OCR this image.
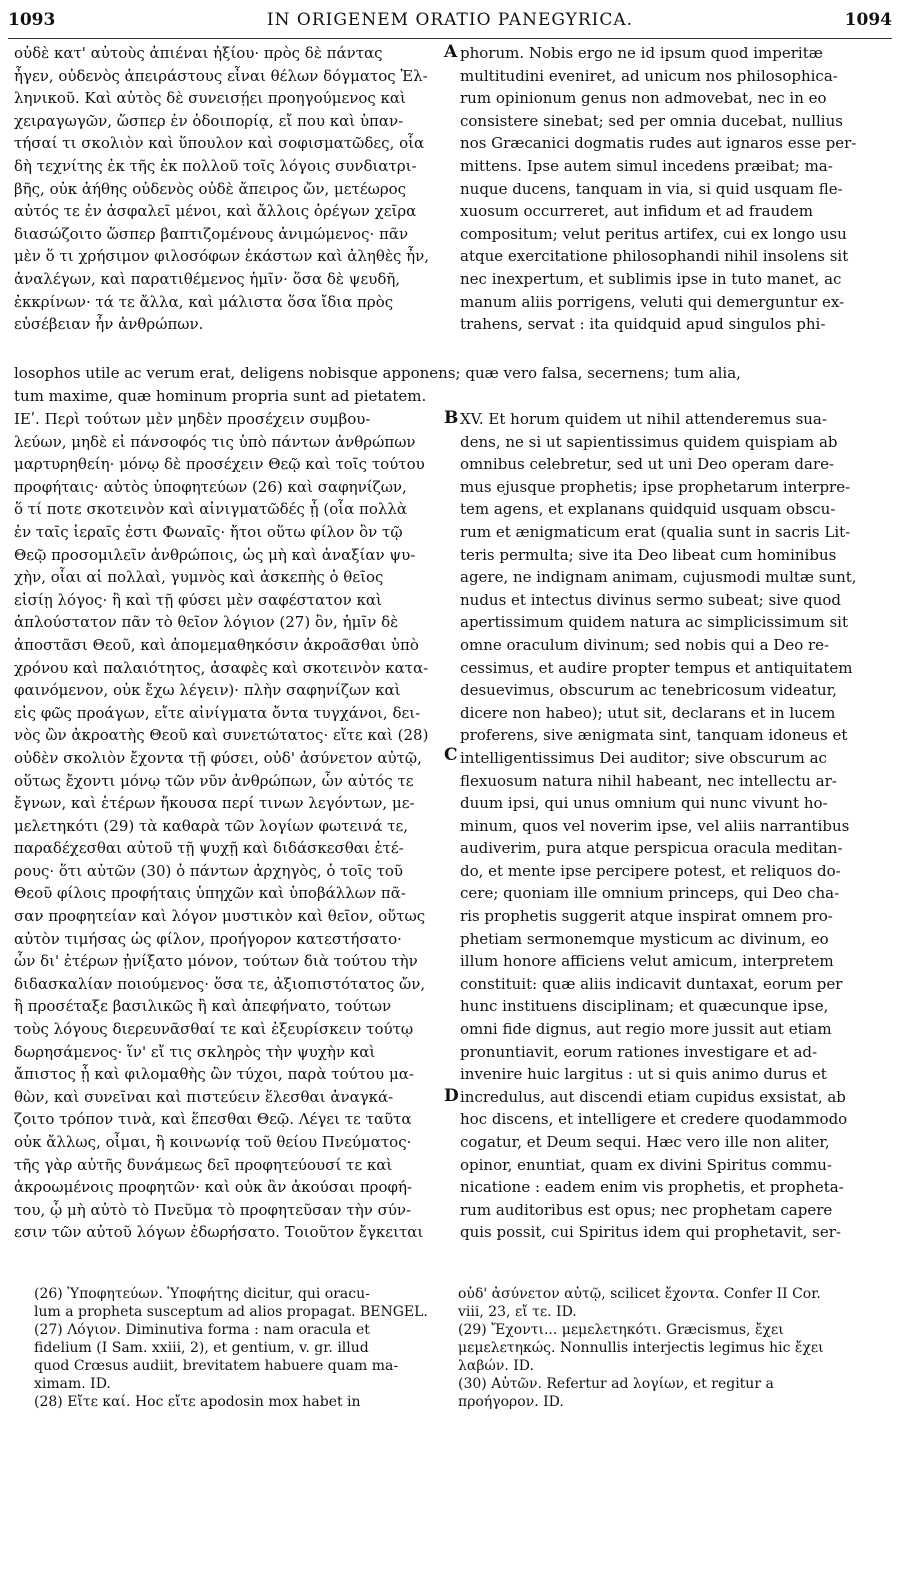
1093	IN ORIGENEM ORATIO PANEGYRICA.	1094
οὐδὲ κατ' αὐτοὺς ἀπιέναι ἠξίου· πρὸς δὲ πάντας
ἦγεν, οὐδενὸς ἀπειράστους εἶναι θέλων δόγματος Ἑλ-
ληνικοῦ. Καὶ αὐτὸς δὲ συνεισῄει προηγούμενος καὶ
χειραγωγῶν, ὥσπερ ἐν ὁδοιπορίᾳ, εἴ που καὶ ὑπαν-
τήσαί τι σκολιὸν καὶ ὕπουλον καὶ σοφισματῶδες, οἷα
δὴ τεχνίτης ἐκ τῆς ἐκ πολλοῦ τοῖς λόγοις συνδιατρι-
βῆς, οὐκ ἀήθης οὐδενὸς οὐδὲ ἄπειρος ὤν, μετέωρος
αὐτός τε ἐν ἀσφαλεῖ μένοι, καὶ ἄλλοις ὀρέγων χεῖρα
διασώζοιτο ὥσπερ βαπτιζομένους ἀνιμώμενος· πᾶν
μὲν ὅ τι χρήσιμον φιλοσόφων ἑκάστων καὶ ἀληθὲς ἦν,
ἀναλέγων, καὶ παρατιθέμενος ἡμῖν· ὅσα δὲ ψευδῆ,
ἐκκρίνων· τά τε ἄλλα, καὶ μάλιστα ὅσα ἴδια πρὸς
εὐσέβειαν ἦν ἀνθρώπων.
phorum. Nobis ergo ne id ipsum quod imperitæ
multitudini eveniret, ad unicum nos philosophica-
rum opinionum genus non admovebat, nec in eo
consistere sinebat; sed per omnia ducebat, nullius
nos Græcanici dogmatis rudes aut ignaros esse per-
mittens. Ipse autem simul incedens præibat; ma-
nuque ducens, tanquam in via, si quid usquam fle-
xuosum occurreret, aut infidum et ad fraudem
compositum; velut peritus artifex, cui ex longo usu
atque exercitatione philosophandi nihil insolens sit
nec inexpertum, et sublimis ipse in tuto manet, ac
manum aliis porrigens, veluti qui demerguntur ex-
trahens, servat : ita quidquid apud singulos phi-
losophos utile ac verum erat, deligens nobisque apponens; quæ vero falsa, secernens; tum alia,
tum maxime, quæ hominum propria sunt ad pietatem.
ΙΕʹ. Περὶ τούτων μὲν μηδὲν προσέχειν συμβου-
λεύων, μηδὲ εἰ πάνσοφός τις ὑπὸ πάντων ἀνθρώπων
μαρτυρηθείη· μόνῳ δὲ προσέχειν Θεῷ καὶ τοῖς τούτου
προφήταις· αὐτὸς ὑποφητεύων (26) καὶ σαφηνίζων,
ὅ τί ποτε σκοτεινὸν καὶ αἰνιγματῶδές ᾖ (οἷα πολλὰ
ἐν ταῖς ἱεραῖς ἐστι Φωναῖς· ἤτοι οὕτω φίλον ὂν τῷ
Θεῷ προσομιλεῖν ἀνθρώποις, ὡς μὴ καὶ ἀναξίαν ψυ-
χὴν, οἷαι αἱ πολλαὶ, γυμνὸς καὶ ἀσκεπὴς ὁ θεῖος
εἰσίῃ λόγος· ἢ καὶ τῇ φύσει μὲν σαφέστατον καὶ
ἁπλούστατον πᾶν τὸ θεῖον λόγιον (27) ὂν, ἡμῖν δὲ
ἀποστᾶσι Θεοῦ, καὶ ἀπομεμαθηκόσιν ἀκροᾶσθαι ὑπὸ
χρόνου καὶ παλαιότητος, ἀσαφὲς καὶ σκοτεινὸν κατα-
φαινόμενον, οὐκ ἔχω λέγειν)· πλὴν σαφηνίζων καὶ
εἰς φῶς προάγων, εἴτε αἰνίγματα ὄντα τυγχάνοι, δει-
νὸς ὢν ἀκροατὴς Θεοῦ καὶ συνετώτατος· εἴτε καὶ (28)
οὐδὲν σκολιὸν ἔχοντα τῇ φύσει, οὐδ' ἀσύνετον αὐτῷ,
οὕτως ἔχοντι μόνῳ τῶν νῦν ἀνθρώπων, ὧν αὐτός τε
ἔγνων, καὶ ἑτέρων ἤκουσα περί τινων λεγόντων, με-
μελετηκότι (29) τὰ καθαρὰ τῶν λογίων φωτεινά τε,
παραδέχεσθαι αὐτοῦ τῇ ψυχῇ καὶ διδάσκεσθαι ἑτέ-
ρους· ὅτι αὐτῶν (30) ὁ πάντων ἀρχηγὸς, ὁ τοῖς τοῦ
Θεοῦ φίλοις προφήταις ὑπηχῶν καὶ ὑποβάλλων πᾶ-
σαν προφητείαν καὶ λόγον μυστικὸν καὶ θεῖον, οὕτως
αὐτὸν τιμήσας ὡς φίλον, προήγορον κατεστήσατο·
ὧν δι' ἑτέρων ᾐνίξατο μόνον, τούτων διὰ τούτου τὴν
διδασκαλίαν ποιούμενος· ὅσα τε, ἀξιοπιστότατος ὤν,
ἢ προσέταξε βασιλικῶς ἢ καὶ ἀπεφήνατο, τούτων
τοὺς λόγους διερευνᾶσθαί τε καὶ ἐξευρίσκειν τούτῳ
δωρησάμενος· ἵν' εἴ τις σκληρὸς τὴν ψυχὴν καὶ
ἄπιστος ᾖ καὶ φιλομαθὴς ὢν τύχοι, παρὰ τούτου μα-
θὼν, καὶ συνεῖναι καὶ πιστεύειν ἕλεσθαι ἀναγκά-
ζοιτο τρόπον τινὰ, καὶ ἕπεσθαι Θεῷ. Λέγει τε ταῦτα
οὐκ ἄλλως, οἶμαι, ἢ κοινωνίᾳ τοῦ θείου Πνεύματος·
τῆς γὰρ αὐτῆς δυνάμεως δεῖ προφητεύουσί τε καὶ
ἀκροωμένοις προφητῶν· καὶ οὐκ ἂν ἀκούσαι προφή-
του, ᾧ μὴ αὐτὸ τὸ Πνεῦμα τὸ προφητεῦσαν τὴν σύν-
εσιν τῶν αὐτοῦ λόγων ἐδωρήσατο. Τοιοῦτον ἔγκειται
XV. Et horum quidem ut nihil attenderemus sua-
dens, ne si ut sapientissimus quidem quispiam ab
omnibus celebretur, sed ut uni Deo operam dare-
mus ejusque prophetis; ipse prophetarum interpre-
tem agens, et explanans quidquid usquam obscu-
rum et ænigmaticum erat (qualia sunt in sacris Lit-
teris permulta; sive ita Deo libeat cum hominibus
agere, ne indignam animam, cujusmodi multæ sunt,
nudus et intectus divinus sermo subeat; sive quod
apertissimum quidem natura ac simplicissimum sit
omne oraculum divinum; sed nobis qui a Deo re-
cessimus, et audire propter tempus et antiquitatem
desuevimus, obscurum ac tenebricosum videatur,
dicere non habeo); utut sit, declarans et in lucem
proferens, sive ænigmata sint, tanquam idoneus et
intelligentissimus Dei auditor; sive obscurum ac
flexuosum natura nihil habeant, nec intellectu ar-
duum ipsi, qui unus omnium qui nunc vivunt ho-
minum, quos vel noverim ipse, vel aliis narrantibus
audiverim, pura atque perspicua oracula meditan-
do, et mente ipse percipere potest, et reliquos do-
cere; quoniam ille omnium princeps, qui Deo cha-
ris prophetis suggerit atque inspirat omnem pro-
phetiam sermonemque mysticum ac divinum, eo
illum honore afficiens velut amicum, interpretem
constituit: quæ aliis indicavit duntaxat, eorum per
hunc instituens disciplinam; et quæcunque ipse,
omni fide dignus, aut regio more jussit aut etiam
pronuntiavit, eorum rationes investigare et ad-
invenire huic largitus : ut si quis animo durus et
incredulus, aut discendi etiam cupidus exsistat, ab
hoc discens, et intelligere et credere quodammodo
cogatur, et Deum sequi. Hæc vero ille non aliter,
opinor, enuntiat, quam ex divini Spiritus commu-
nicatione : eadem enim vis prophetis, et propheta-
rum auditoribus est opus; nec prophetam capere
quis possit, cui Spiritus idem qui prophetavit, ser-
A
B
C
D
(26) Ὑποφητεύων. Ὑποφήτης dicitur, qui oracu-
lum a propheta susceptum ad alios propagat. BENGEL.
(27) Λόγιον. Diminutiva forma : nam oracula et
fidelium (I Sam. xxiii, 2), et gentium, v. gr. illud
quod Crœsus audiit, brevitatem habuere quam ma-
ximam. ID.
(28) Εἴτε καί. Hoc εἴτε apodosin mox habet in
οὐδ' ἀσύνετον αὐτῷ, scilicet ἔχοντα. Confer II Cor.
viii, 23, εἴ τε. ID.
(29) Ἔχοντι... μεμελετηκότι. Græcismus, ἔχει
μεμελετηκώς. Nonnullis interjectis legimus hic ἔχει
λαβών. ID.
(30) Αὐτῶν. Refertur ad λογίων, et regitur a
προήγορον. ID.
